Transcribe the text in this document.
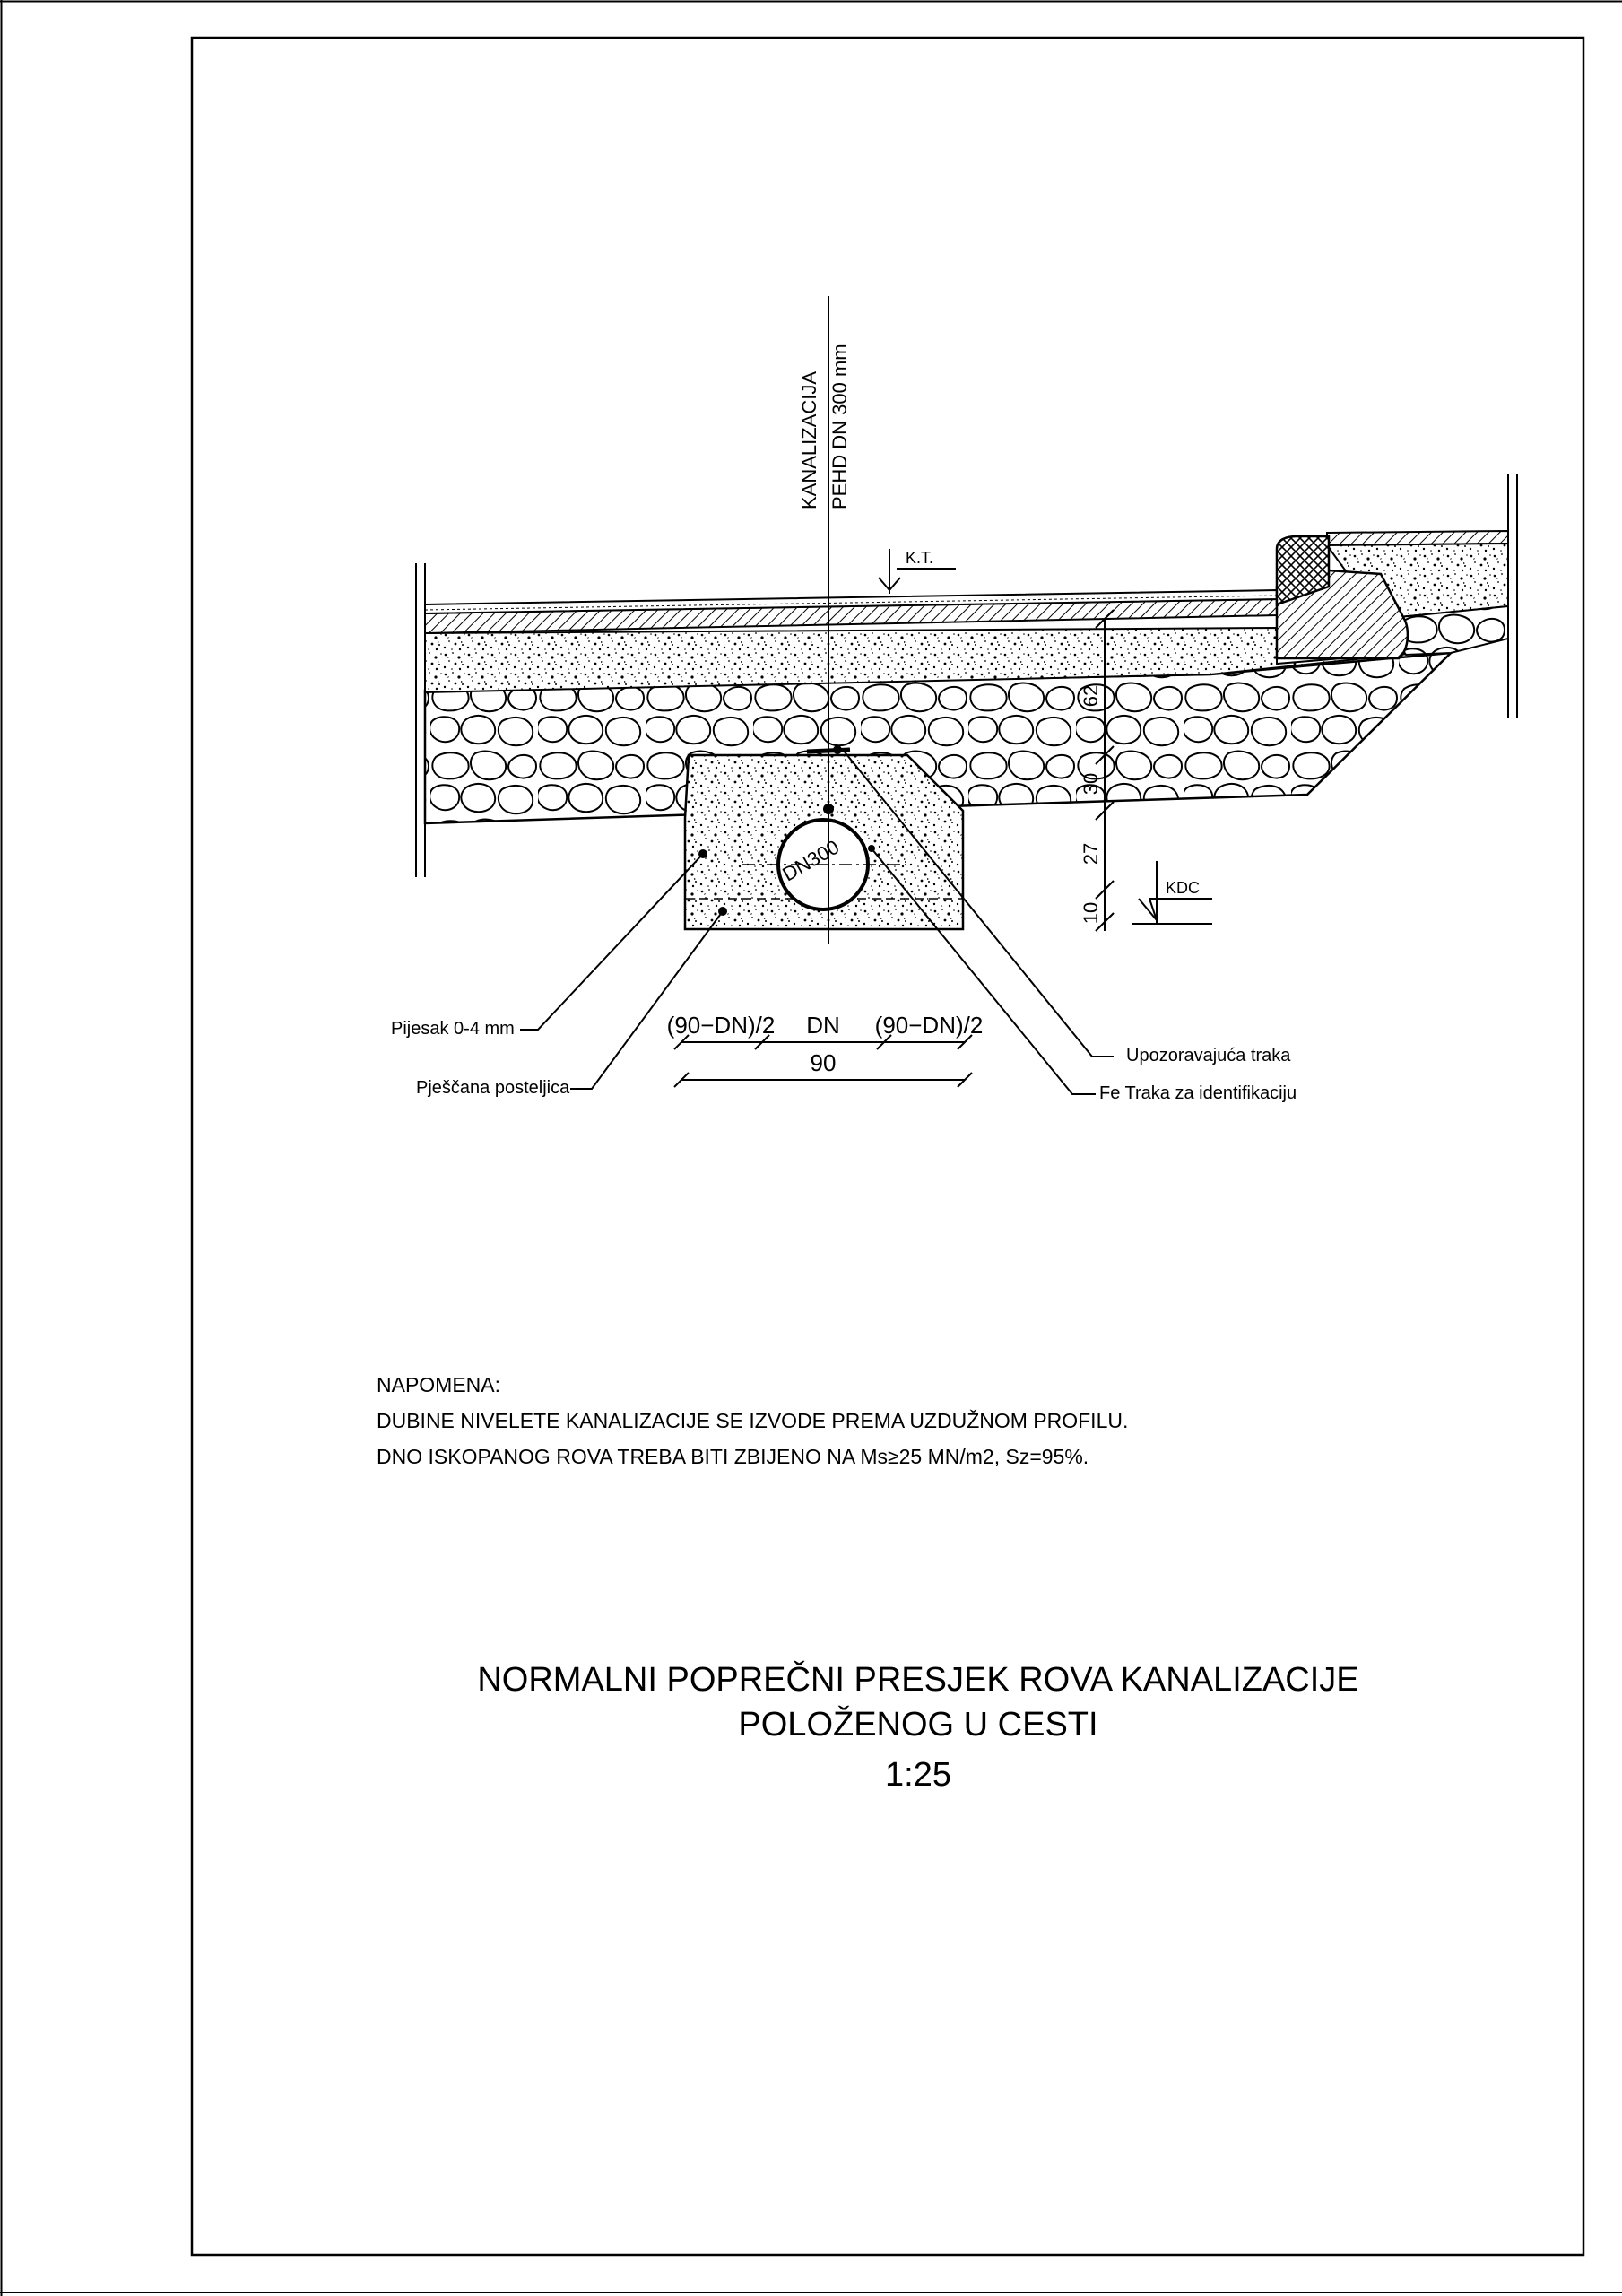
DN300
KANALIZACIJA PEHD DN 300 mm
K.T.
62
30
27
10
KDC
(90−DN)/2 DN (90−DN)/2
90
Pijesak 0-4 mm
Pješčana posteljica
Upozoravajuća traka
Fe Traka za identifikaciju
NAPOMENA:
DUBINE NIVELETE KANALIZACIJE SE IZVODE PREMA UZDUŽNOM PROFILU.
DNO ISKOPANOG ROVA TREBA BITI ZBIJENO NA Ms≥25 MN/m2, Sz=95%.
NORMALNI POPREČNI PRESJEK ROVA KANALIZACIJE
POLOŽENOG U CESTI
1:25
